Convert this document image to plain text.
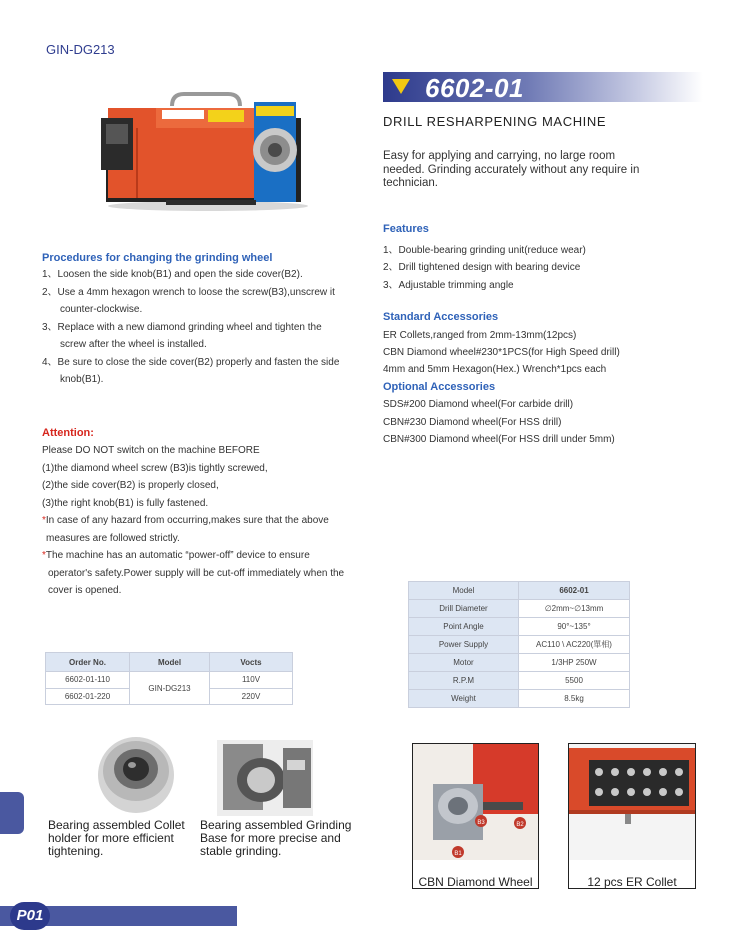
GIN-DG213
6602-01
DRILL RESHARPENING MACHINE
Easy for applying and carrying, no large room needed. Grinding accurately without any require in technician.
Features
1、Double-bearing grinding unit(reduce wear)
2、Drill tightened design with bearing device
3、Adjustable trimming angle
Standard Accessories
ER Collets,ranged from 2mm-13mm(12pcs)
CBN Diamond wheel#230*1PCS(for High Speed drill)
4mm and 5mm Hexagon(Hex.) Wrench*1pcs each
Optional Accessories
SDS#200 Diamond wheel(For carbide drill)
CBN#230 Diamond wheel(For HSS drill)
CBN#300 Diamond wheel(For HSS drill under 5mm)
Procedures for changing the grinding wheel
1、Loosen the side knob(B1) and open the side cover(B2).
2、Use a 4mm hexagon wrench to loose the screw(B3),unscrew it
counter-clockwise.
3、Replace with a new diamond grinding wheel and tighten the
screw after the wheel is installed.
4、Be sure to close the side cover(B2) properly and fasten the side
knob(B1).
Attention:
Please DO NOT switch on the machine BEFORE
(1)the diamond wheel screw (B3)is tightly screwed,
(2)the side cover(B2) is properly closed,
(3)the right knob(B1) is fully fastened.
*In case of any hazard from occurring,makes sure that the above
measures are followed strictly.
*The machine has an automatic “power-off” device to ensure
operator's safety.Power supply will be cut-off immediately when the
cover is opened.	Model	6602-01
Drill Diameter	∅2mm~∅13mm
Point Angle	90°~135°
Power Supply	AC110 \ AC220(單相)
Motor	1/3HP 250W
R.P.M	5500
Weight	8.5kg
Order No.	Model	Vocts
6602-01-110	GIN-DG213	110V
6602-01-220		220V
Bearing assembled Collet
holder for more efficient
tightening.
Bearing assembled Grinding
Base for more precise and
stable grinding.
B3	B2
B1
CBN Diamond Wheel	12 pcs ER Collet
P01
